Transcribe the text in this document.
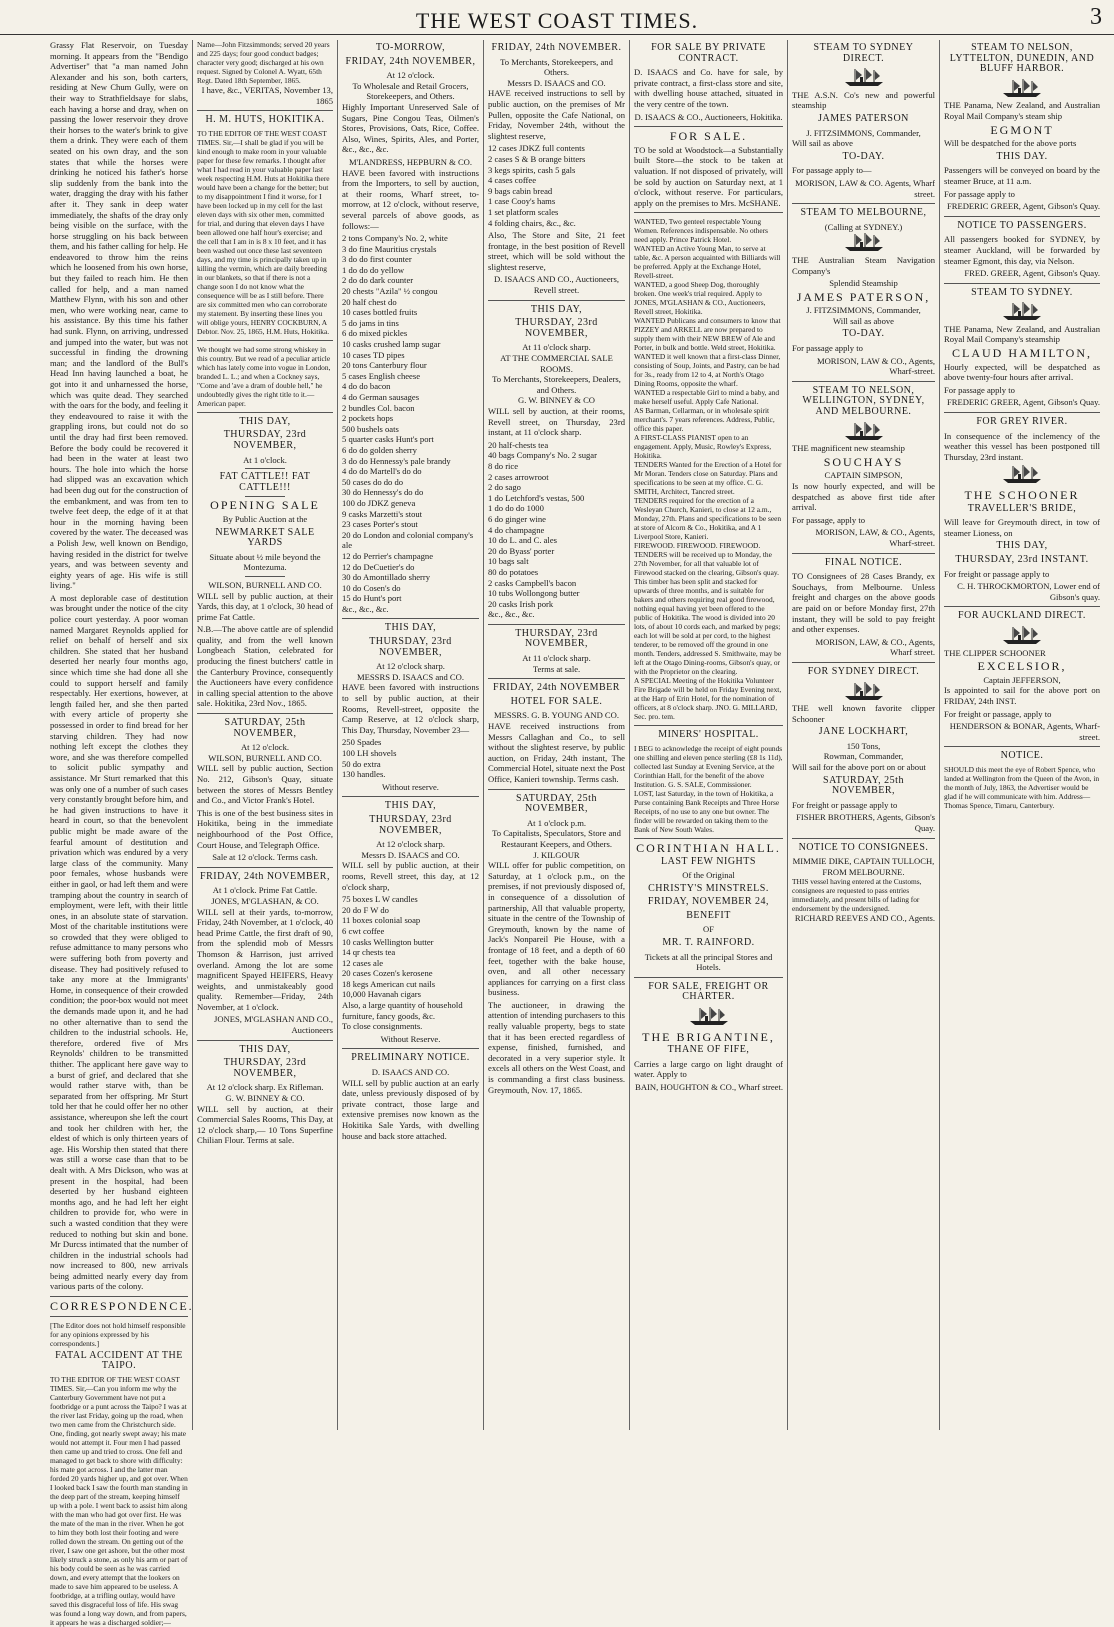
THE WEST COAST TIMES.	3
Grassy Flat Reservoir, on Tuesday morning. It appears from the "Bendigo Advertiser" that "a man named John Alexander and his son, both carters, residing at New Chum Gully, were on their way to Strathfieldsaye for slabs, each having a horse and dray, when on passing the lower reservoir they drove their horses to the water's brink to give them a drink. They were each of them seated on his own dray, and the son states that while the horses were drinking he noticed his father's horse slip suddenly from the bank into the water, dragging the dray with his father after it. They sank in deep water immediately, the shafts of the dray only being visible on the surface, with the horse struggling on his back between them, and his father calling for help. He endeavored to throw him the reins which he loosened from his own horse, but they failed to reach him. He then called for help, and a man named Matthew Flynn, with his son and other men, who were working near, came to his assistance. By this time his father had sunk. Flynn, on arriving, undressed and jumped into the water, but was not successful in finding the drowning man; and the landlord of the Bull's Head Inn having launched a boat, he got into it and unharnessed the horse, which was quite dead. They searched with the oars for the body, and feeling it they endeavoured to raise it with the grappling irons, but could not do so until the dray had first been removed. Before the body could be recovered it had been in the water at least two hours. The hole into which the horse had slipped was an excavation which had been dug out for the construction of the embankment, and was from ten to twelve feet deep, the edge of it at that hour in the morning having been covered by the water. The deceased was a Polish Jew, well known on Bendigo, having resided in the district for twelve years, and was between seventy and eighty years of age. His wife is still living."
A most deplorable case of destitution was brought under the notice of the city police court yesterday. A poor woman named Margaret Reynolds applied for relief on behalf of herself and six children. She stated that her husband deserted her nearly four months ago, since which time she had done all she could to support herself and family respectably. Her exertions, however, at length failed her, and she then parted with every article of property she possessed in order to find bread for her starving children. They had now nothing left except the clothes they wore, and she was therefore compelled to solicit public sympathy and assistance. Mr Sturt remarked that this was only one of a number of such cases very constantly brought before him, and he had given instructions to have it heard in court, so that the benevolent public might be made aware of the fearful amount of destitution and privation which was endured by a very large class of the community. Many poor females, whose husbands were either in gaol, or had left them and were tramping about the country in search of employment, were left, with their little ones, in an absolute state of starvation. Most of the charitable institutions were so crowded that they were obliged to refuse admittance to many persons who were suffering both from poverty and disease. They had positively refused to take any more at the Immigrants' Home, in consequence of their crowded condition; the poor-box would not meet the demands made upon it, and he had no other alternative than to send the children to the industrial schools. He, therefore, ordered five of Mrs Reynolds' children to be transmitted thither. The applicant here gave way to a burst of grief, and declared that she would rather starve with, than be separated from her offspring. Mr Sturt told her that he could offer her no other assistance, whereupon she left the court and took her children with her, the eldest of which is only thirteen years of age. His Worship then stated that there was still a worse case than that to be dealt with. A Mrs Dickson, who was at present in the hospital, had been deserted by her husband eighteen months ago, and he had left her eight children to provide for, who were in such a wasted condition that they were reduced to nothing but skin and bone. Mr Durcss intimated that the number of children in the industrial schools had now increased to 800, new arrivals being admitted nearly every day from various parts of the colony.
CORRESPONDENCE.
[The Editor does not hold himself responsible for any opinions expressed by his correspondents.]
FATAL ACCIDENT AT THE TAIPO.
TO THE EDITOR OF THE WEST COAST TIMES. Sir,—Can you inform me why the Canterbury Government have not put a footbridge or a punt across the Taipo? I was at the river last Friday, going up the road, when two men came from the Christchurch side. One, finding, got nearly swept away; his mate would not attempt it. Four men I had passed then came up and tried to cross. One fell and managed to get back to shore with difficulty: his mate got across. I and the latter man forded 20 yards higher up, and got over. When I looked back I saw the fourth man standing in the deep part of the stream, keeping himself up with a pole. I went back to assist him along with the man who had got over first. He was the mate of the man in the river. When he got to him they both lost their footing and were rolled down the stream. On getting out of the river, I saw one get ashore, but the other most likely struck a stone, as only his arm or part of his body could be seen as he was carried down, and every attempt that the lookers on made to save him appeared to be useless. A footbridge, at a trifling outlay, would have saved this disgraceful loss of life. His swag was found a long way down, and from papers, it appears he was a discharged soldier;—
Name—John Fitzsimmonds; served 20 years and 225 days; four good conduct badges; character very good; discharged at his own request. Signed by Colonel A. Wyatt, 65th Regt. Dated 18th September, 1865.
I have, &c., VERITAS, November 13, 1865
H. M. HUTS, HOKITIKA.
TO THE EDITOR OF THE WEST COAST TIMES. Sir,—I shall be glad if you will be kind enough to make room in your valuable paper for these few remarks. I thought after what I had read in your valuable paper last week respecting H.M. Huts at Hokitika there would have been a change for the better; but to my disappointment I find it worse, for I have been locked up in my cell for the last eleven days with six other men, committed for trial, and during that eleven days I have been allowed one half hour's exercise; and the cell that I am in is 8 x 10 feet, and it has been washed out once these last seventeen days, and my time is principally taken up in killing the vermin, which are daily breeding in our blankets, so that if there is not a change soon I do not know what the consequence will be as I still before. There are six committed men who can corroborate my statement. By inserting these lines you will oblige yours, HENRY COCKBURN, A Debtor. Nov. 25, 1865, H.M. Huts, Hokitika.
We thought we had some strong whiskey in this country. But we read of a peculiar article which has lately come into vogue in London, branded L. L.; and when a Cockney says, "Come and 'ave a dram of double hell," he undoubtedly gives the right title to it.—American paper.
THIS DAY,
THURSDAY, 23rd NOVEMBER,
At 1 o'clock.
FAT CATTLE!! FAT CATTLE!!!
OPENING SALE
By Public Auction at the
NEWMARKET SALE YARDS
Situate about ½ mile beyond the Montezuma.
WILSON, BURNELL AND CO.
WILL sell by public auction, at their Yards, this day, at 1 o'clock, 30 head of prime Fat Cattle.
N.B.—The above cattle are of splendid quality, and from the well known Longbeach Station, celebrated for producing the finest butchers' cattle in the Canterbury Province, consequently the Auctioneers have every confidence in calling special attention to the above sale. Hokitika, 23rd Nov., 1865.
SATURDAY, 25th NOVEMBER,
At 12 o'clock.
WILSON, BURNELL AND CO.
WILL sell by public auction, Section No. 212, Gibson's Quay, situate between the stores of Messrs Bentley and Co., and Victor Frank's Hotel.
This is one of the best business sites in Hokitika, being in the immediate neighbourhood of the Post Office, Court House, and Telegraph Office.
Sale at 12 o'clock. Terms cash.
FRIDAY, 24th NOVEMBER,
At 1 o'clock. Prime Fat Cattle.
JONES, M'GLASHAN, & CO.
WILL sell at their yards, to-morrow, Friday, 24th November, at 1 o'clock, 40 head Prime Cattle, the first draft of 90, from the splendid mob of Messrs Thomson & Harrison, just arrived overland. Among the lot are some magnificent Spayed HEIFERS, Heavy weights, and unmistakeably good quality. Remember—Friday, 24th November, at 1 o'clock.
JONES, M'GLASHAN AND CO., Auctioneers
THIS DAY,
THURSDAY, 23rd NOVEMBER,
At 12 o'clock sharp. Ex Rifleman.
G. W. BINNEY & CO.
WILL sell by auction, at their Commercial Sales Rooms, This Day, at 12 o'clock sharp,— 10 Tons Superfine Chilian Flour. Terms at sale.
TO-MORROW,
FRIDAY, 24th NOVEMBER,
At 12 o'clock.
To Wholesale and Retail Grocers, Storekeepers, and Others.
Highly Important Unreserved Sale of Sugars, Pine Congou Teas, Oilmen's Stores, Provisions, Oats, Rice, Coffee. Also, Wines, Spirits, Ales, and Porter, &c., &c., &c.
M'LANDRESS, HEPBURN & CO.
HAVE been favored with instructions from the Importers, to sell by auction, at their rooms, Wharf street, to-morrow, at 12 o'clock, without reserve, several parcels of above goods, as follows:—
2 tons Company's No. 2, white
3 do fine Mauritius crystals
3 do do first counter
1 do do do yellow
2 do do dark counter
20 chests "Azila" ½ congou
20 half chest do
10 cases bottled fruits
5 do jams in tins
6 do mixed pickles
10 casks crushed lamp sugar
10 cases TD pipes
20 tons Canterbury flour
5 cases English cheese
4 do do bacon
4 do German sausages
2 bundles Col. bacon
2 pockets hops
500 bushels oats
5 quarter casks Hunt's port
6 do do golden sherry
3 do do Hennessy's pale brandy
4 do do Martell's do do
50 cases do do do
30 do Hennessy's do do
100 do JDKZ geneva
9 casks Marzetti's stout
23 cases Porter's stout
20 do London and colonial company's ale
12 do Perrier's champagne
12 do DeCuetier's do
30 do Amontillado sherry
10 do Cosen's do
15 do Hunt's port
&c., &c., &c.
THIS DAY,
THURSDAY, 23rd NOVEMBER,
At 12 o'clock sharp.
MESSRS D. ISAACS and CO.
HAVE been favored with instructions to sell by public auction, at their Rooms, Revell-street, opposite the Camp Reserve, at 12 o'clock sharp, This Day, Thursday, November 23—
250 Spades
100 LH shovels
50 do extra
130 handles.
Without reserve.
THIS DAY,
THURSDAY, 23rd NOVEMBER,
At 12 o'clock sharp.
Messrs D. ISAACS and CO.
WILL sell by public auction, at their rooms, Revell street, this day, at 12 o'clock sharp,
75 boxes L W candles
20 do F W do
11 boxes colonial soap
6 cwt coffee
10 casks Wellington butter
14 qr chests tea
12 cases ale
20 cases Cozen's kerosene
18 kegs American cut nails
10,000 Havanah cigars
Also, a large quantity of household furniture, fancy goods, &c.
To close consignments.
Without Reserve.
PRELIMINARY NOTICE.
D. ISAACS AND CO.
WILL sell by public auction at an early date, unless previously disposed of by private contract, those large and extensive premises now known as the Hokitika Sale Yards, with dwelling house and back store attached.
FRIDAY, 24th NOVEMBER.
To Merchants, Storekeepers, and Others.
Messrs D. ISAACS and CO.
HAVE received instructions to sell by public auction, on the premises of Mr Pullen, opposite the Cafe National, on Friday, November 24th, without the slightest reserve,
12 cases JDKZ full contents
2 cases S & B orange bitters
3 kegs spirits, cash 5 gals
4 cases coffee
9 bags cabin bread
1 case Cooy's hams
1 set platform scales
4 folding chairs, &c., &c.
Also, The Store and Site, 21 feet frontage, in the best position of Revell street, which will be sold without the slightest reserve,
D. ISAACS AND CO., Auctioneers, Revell street.
THIS DAY,
THURSDAY, 23rd NOVEMBER,
At 11 o'clock sharp.
AT THE COMMERCIAL SALE ROOMS.
To Merchants, Storekeepers, Dealers, and Others.
G. W. BINNEY & CO
WILL sell by auction, at their rooms, Revell street, on Thursday, 23rd instant, at 11 o'clock sharp.
20 half-chests tea
40 bags Company's No. 2 sugar
8 do rice
2 cases arrowroot
2 do sago
1 do Letchford's vestas, 500
1 do do do 1000
6 do ginger wine
4 do champagne
10 do L. and C. ales
20 do Byass' porter
10 bags salt
80 do potatoes
2 casks Campbell's bacon
10 tubs Wollongong butter
20 casks Irish pork
&c., &c., &c.
THURSDAY, 23rd NOVEMBER,
At 11 o'clock sharp.
Terms at sale.
FRIDAY, 24th NOVEMBER
HOTEL FOR SALE.
MESSRS. G. B. YOUNG AND CO.
HAVE received instructions from Messrs Callaghan and Co., to sell without the slightest reserve, by public auction, on Friday, 24th instant, The Commercial Hotel, situate next the Post Office, Kanieri township. Terms cash.
SATURDAY, 25th NOVEMBER,
At 1 o'clock p.m.
To Capitalists, Speculators, Store and Restaurant Keepers, and Others.
J. KILGOUR
WILL offer for public competition, on Saturday, at 1 o'clock p.m., on the premises, if not previously disposed of, in consequence of a dissolution of partnership, All that valuable property, situate in the centre of the Township of Greymouth, known by the name of Jack's Nonpareil Pie House, with a frontage of 18 feet, and a depth of 60 feet, together with the bake house, oven, and all other necessary appliances for carrying on a first class business.
The auctioneer, in drawing the attention of intending purchasers to this really valuable property, begs to state that it has been erected regardless of expense, finished, furnished, and decorated in a very superior style. It excels all others on the West Coast, and is commanding a first class business. Greymouth, Nov. 17, 1865.
FOR SALE BY PRIVATE CONTRACT.
D. ISAACS and Co. have for sale, by private contract, a first-class store and site, with dwelling house attached, situated in the very centre of the town.
D. ISAACS & CO., Auctioneers, Hokitika.
FOR SALE.
TO be sold at Woodstock—a Substantially built Store—the stock to be taken at valuation. If not disposed of privately, will be sold by auction on Saturday next, at 1 o'clock, without reserve. For particulars, apply on the premises to Mrs. McSHANE.
WANTED, Two genteel respectable Young Women. References indispensable. No others need apply. Prince Patrick Hotel.
WANTED an Active Young Man, to serve at table, &c. A person acquainted with Billiards will be preferred. Apply at the Exchange Hotel, Revell-street.
WANTED, a good Sheep Dog, thoroughly broken. One week's trial required. Apply to JONES, M'GLASHAN & CO., Auctioneers, Revell street, Hokitika.
WANTED Publicans and consumers to know that PIZZEY and ARKELL are now prepared to supply them with their NEW BREW of Ale and Porter, in bulk and bottle. Weld street, Hokitika.
WANTED it well known that a first-class Dinner, consisting of Soup, Joints, and Pastry, can be had for 3s., ready from 12 to 4, at North's Otago Dining Rooms, opposite the wharf.
WANTED a respectable Girl to mind a baby, and make herself useful. Apply Cafe National.
AS Barman, Cellarman, or in wholesale spirit merchant's. 7 years references. Address, Public, office this paper.
A FIRST-CLASS PIANIST open to an engagement. Apply, Music, Rowley's Express, Hokitika.
TENDERS Wanted for the Erection of a Hotel for Mr Moran. Tenders close on Saturday. Plans and specifications to be seen at my office. C. G. SMITH, Architect, Tancred street.
TENDERS required for the erection of a Wesleyan Church, Kanieri, to close at 12 a.m., Monday, 27th. Plans and specifications to be seen at store of Alcorn & Co., Hokitika, and A 1 Liverpool Store, Kanieri.
FIREWOOD. FIREWOOD. FIREWOOD. TENDERS will be received up to Monday, the 27th November, for all that valuable lot of Firewood stacked on the clearing, Gibson's quay. This timber has been split and stacked for upwards of three months, and is suitable for bakers and others requiring real good firewood, nothing equal having yet been offered to the public of Hokitika. The wood is divided into 20 lots, of about 10 cords each, and marked by pegs; each lot will be sold at per cord, to the highest tenderer, to be removed off the ground in one month. Tenders, addressed S. Smithwaite, may be left at the Otago Dining-rooms, Gibson's quay, or with the Proprietor on the clearing.
A SPECIAL Meeting of the Hokitika Volunteer Fire Brigade will be held on Friday Evening next, at the Harp of Erin Hotel, for the nomination of officers, at 8 o'clock sharp. JNO. G. MILLARD, Sec. pro. tem.
MINERS' HOSPITAL.
I BEG to acknowledge the receipt of eight pounds one shilling and eleven pence sterling (£8 1s 11d), collected last Sunday at Evening Service, at the Corinthian Hall, for the benefit of the above Institution. G. S. SALE, Commissioner.
LOST, last Saturday, in the town of Hokitika, a Purse containing Bank Receipts and Three Horse Receipts, of no use to any one but owner. The finder will be rewarded on taking them to the Bank of New South Wales.
CORINTHIAN HALL.
LAST FEW NIGHTS
Of the Original
CHRISTY'S MINSTRELS.
FRIDAY, NOVEMBER 24,
BENEFIT
OF
MR. T. RAINFORD.
Tickets at all the principal Stores and Hotels.
FOR SALE, FREIGHT OR CHARTER.
THE BRIGANTINE,
THANE OF FIFE,
Carries a large cargo on light draught of water. Apply to
BAIN, HOUGHTON & CO., Wharf street.
STEAM TO SYDNEY DIRECT.
THE A.S.N. Co's new and powerful steamship
JAMES PATERSON
J. FITZSIMMONS, Commander,
Will sail as above
TO-DAY.
For passage apply to—
MORISON, LAW & CO. Agents, Wharf street.
STEAM TO MELBOURNE,
(Calling at SYDNEY.)
THE Australian Steam Navigation Company's
Splendid Steamship
JAMES PATERSON,
J. FITZSIMMONS, Commander,
Will sail as above
TO-DAY.
For passage apply to
MORISON, LAW & CO., Agents, Wharf-street.
STEAM TO NELSON, WELLINGTON, SYDNEY, AND MELBOURNE.
THE magnificent new steamship
SOUCHAYS
CAPTAIN SIMPSON,
Is now hourly expected, and will be despatched as above first tide after arrival.
For passage, apply to
MORISON, LAW, & CO., Agents, Wharf-street.
FINAL NOTICE.
TO Consignees of 28 Cases Brandy, ex Souchays, from Melbourne. Unless freight and charges on the above goods are paid on or before Monday first, 27th instant, they will be sold to pay freight and other expenses.
MORISON, LAW, & CO., Agents, Wharf street.
FOR SYDNEY DIRECT.
THE well known favorite clipper Schooner
JANE LOCKHART,
150 Tons,
Rowman, Commander,
Will sail for the above port on or about
SATURDAY, 25th NOVEMBER,
For freight or passage apply to
FISHER BROTHERS, Agents, Gibson's Quay.
NOTICE TO CONSIGNEES.
MIMMIE DIKE, CAPTAIN TULLOCH, FROM MELBOURNE.
THIS vessel having entered at the Customs, consignees are requested to pass entries immediately, and present bills of lading for endorsement by the undersigned.
RICHARD REEVES AND CO., Agents.
STEAM TO NELSON, LYTTELTON, DUNEDIN, AND BLUFF HARBOR.
THE Panama, New Zealand, and Australian Royal Mail Company's steam ship
EGMONT
Will be despatched for the above ports
THIS DAY.
Passengers will be conveyed on board by the steamer Bruce, at 11 a.m.
For passage apply to
FREDERIC GREER, Agent, Gibson's Quay.
NOTICE TO PASSENGERS.
All passengers booked for SYDNEY, by steamer Auckland, will be forwarded by steamer Egmont, this day, via Nelson.
FRED. GREER, Agent, Gibson's Quay.
STEAM TO SYDNEY.
THE Panama, New Zealand, and Australian Royal Mail Company's steamship
CLAUD HAMILTON,
Hourly expected, will be despatched as above twenty-four hours after arrival.
For passage apply to
FREDERIC GREER, Agent, Gibson's Quay.
FOR GREY RIVER.
In consequence of the inclemency of the weather this vessel has been postponed till Thursday, 23rd instant.
THE SCHOONER
TRAVELLER'S BRIDE,
Will leave for Greymouth direct, in tow of steamer Lioness, on
THIS DAY,
THURSDAY, 23rd INSTANT.
For freight or passage apply to
C. H. THROCKMORTON, Lower end of Gibson's quay.
FOR AUCKLAND DIRECT.
THE CLIPPER SCHOONER
EXCELSIOR,
Captain JEFFERSON,
Is appointed to sail for the above port on FRIDAY, 24th INST.
For freight or passage, apply to
HENDERSON & BONAR, Agents, Wharf-street.
NOTICE.
SHOULD this meet the eye of Robert Spence, who landed at Wellington from the Queen of the Avon, in the month of July, 1863, the Advertiser would be glad if he will communicate with him. Address—Thomas Spence, Timaru, Canterbury.
